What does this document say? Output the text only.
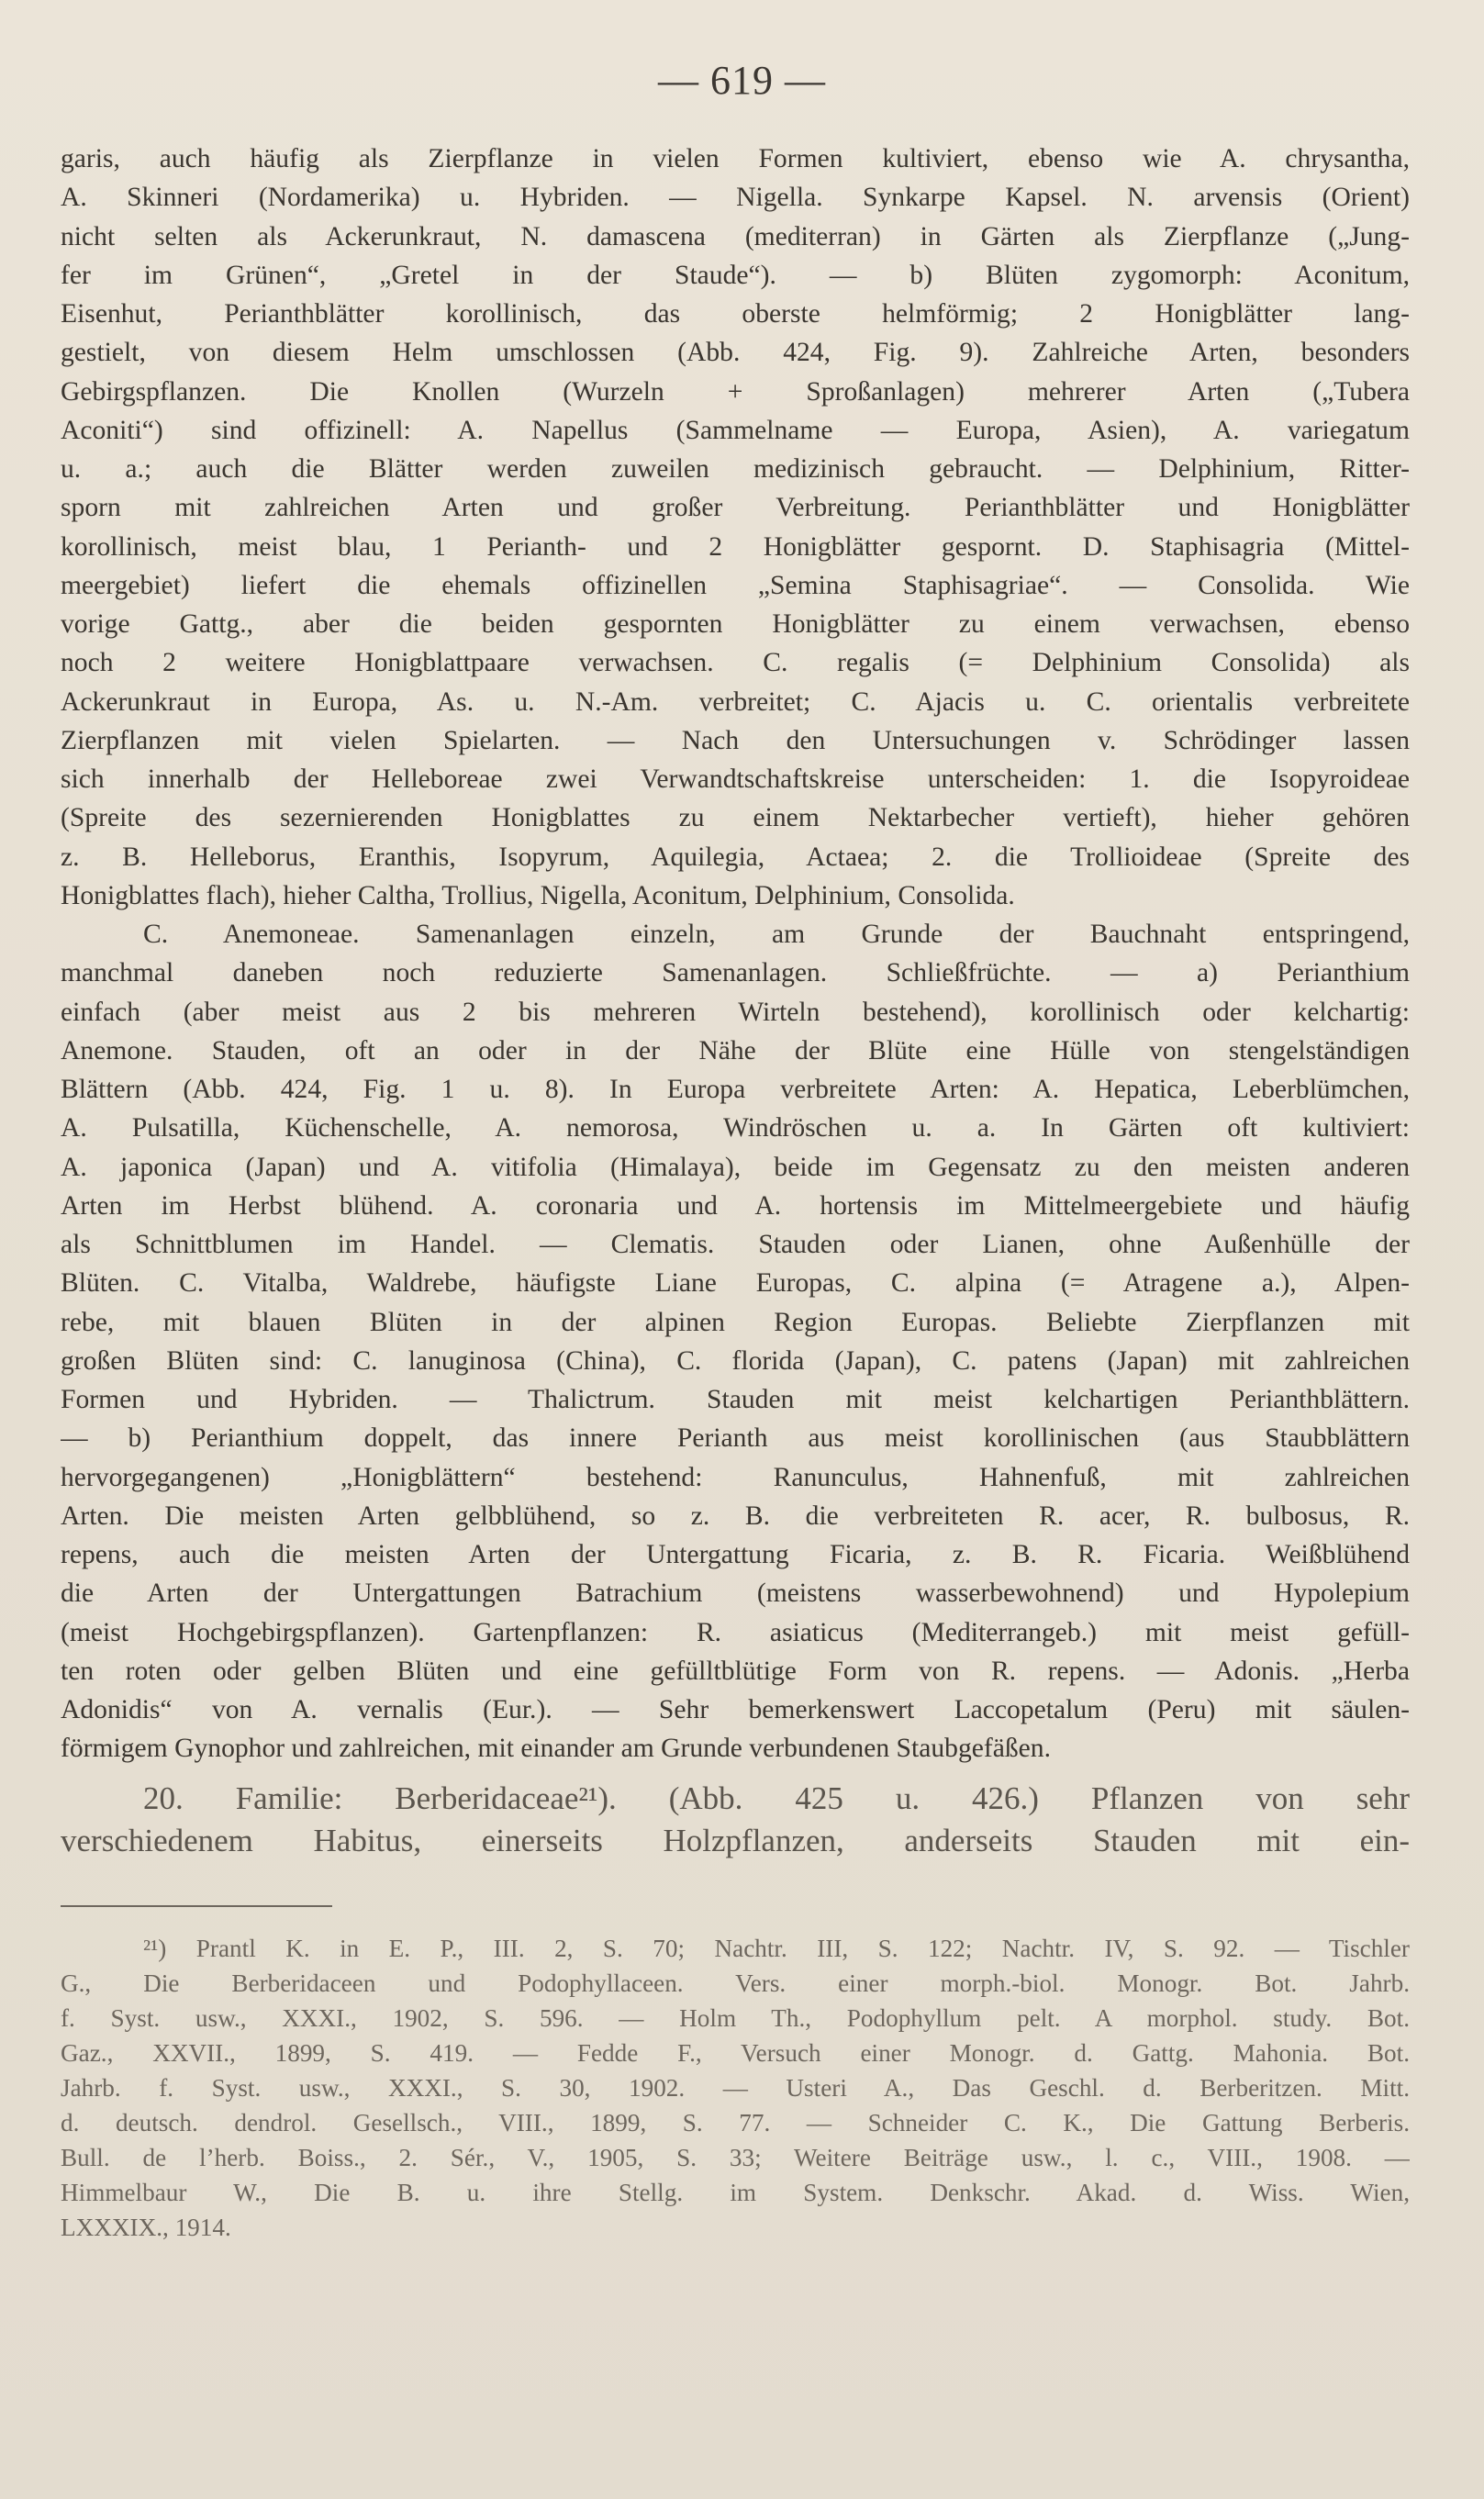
— 619 —
garis, auch häufig als Zierpflanze in vielen Formen kultiviert, ebenso wie A. chrysantha,
A. Skinneri (Nordamerika) u. Hybriden. — Nigella. Synkarpe Kapsel. N. arvensis (Orient)
nicht selten als Ackerunkraut, N. damascena (mediterran) in Gärten als Zierpflanze („Jung-
fer im Grünen“, „Gretel in der Staude“). — b) Blüten zygomorph: Aconitum,
Eisenhut, Perianthblätter korollinisch, das oberste helmförmig; 2 Honigblätter lang-
gestielt, von diesem Helm umschlossen (Abb. 424, Fig. 9). Zahlreiche Arten, besonders
Gebirgspflanzen. Die Knollen (Wurzeln + Sproßanlagen) mehrerer Arten („Tubera
Aconiti“) sind offizinell: A. Napellus (Sammelname — Europa, Asien), A. variegatum
u. a.; auch die Blätter werden zuweilen medizinisch gebraucht. — Delphinium, Ritter-
sporn mit zahlreichen Arten und großer Verbreitung. Perianthblätter und Honigblätter
korollinisch, meist blau, 1 Perianth- und 2 Honigblätter gespornt. D. Staphisagria (Mittel-
meergebiet) liefert die ehemals offizinellen „Semina Staphisagriae“. — Consolida. Wie
vorige Gattg., aber die beiden gespornten Honigblätter zu einem verwachsen, ebenso
noch 2 weitere Honigblattpaare verwachsen. C. regalis (= Delphinium Consolida) als
Ackerunkraut in Europa, As. u. N.-Am. verbreitet; C. Ajacis u. C. orientalis verbreitete
Zierpflanzen mit vielen Spielarten. — Nach den Untersuchungen v. Schrödinger lassen
sich innerhalb der Helleboreae zwei Verwandtschaftskreise unterscheiden: 1. die Isopyroideae
(Spreite des sezernierenden Honigblattes zu einem Nektarbecher vertieft), hieher gehören
z. B. Helleborus, Eranthis, Isopyrum, Aquilegia, Actaea; 2. die Trollioideae (Spreite des
Honigblattes flach), hieher Caltha, Trollius, Nigella, Aconitum, Delphinium, Consolida.
C. Anemoneae. Samenanlagen einzeln, am Grunde der Bauchnaht entspringend,
manchmal daneben noch reduzierte Samenanlagen. Schließfrüchte. — a) Perianthium
einfach (aber meist aus 2 bis mehreren Wirteln bestehend), korollinisch oder kelchartig:
Anemone. Stauden, oft an oder in der Nähe der Blüte eine Hülle von stengelständigen
Blättern (Abb. 424, Fig. 1 u. 8). In Europa verbreitete Arten: A. Hepatica, Leberblümchen,
A. Pulsatilla, Küchenschelle, A. nemorosa, Windröschen u. a. In Gärten oft kultiviert:
A. japonica (Japan) und A. vitifolia (Himalaya), beide im Gegensatz zu den meisten anderen
Arten im Herbst blühend. A. coronaria und A. hortensis im Mittelmeergebiete und häufig
als Schnittblumen im Handel. — Clematis. Stauden oder Lianen, ohne Außenhülle der
Blüten. C. Vitalba, Waldrebe, häufigste Liane Europas, C. alpina (= Atragene a.), Alpen-
rebe, mit blauen Blüten in der alpinen Region Europas. Beliebte Zierpflanzen mit
großen Blüten sind: C. lanuginosa (China), C. florida (Japan), C. patens (Japan) mit zahlreichen
Formen und Hybriden. — Thalictrum. Stauden mit meist kelchartigen Perianthblättern.
— b) Perianthium doppelt, das innere Perianth aus meist korollinischen (aus Staubblättern
hervorgegangenen) „Honigblättern“ bestehend: Ranunculus, Hahnenfuß, mit zahlreichen
Arten. Die meisten Arten gelbblühend, so z. B. die verbreiteten R. acer, R. bulbosus, R.
repens, auch die meisten Arten der Untergattung Ficaria, z. B. R. Ficaria. Weißblühend
die Arten der Untergattungen Batrachium (meistens wasserbewohnend) und Hypolepium
(meist Hochgebirgspflanzen). Gartenpflanzen: R. asiaticus (Mediterrangeb.) mit meist gefüll-
ten roten oder gelben Blüten und eine gefülltblütige Form von R. repens. — Adonis. „Herba
Adonidis“ von A. vernalis (Eur.). — Sehr bemerkenswert Laccopetalum (Peru) mit säulen-
förmigem Gynophor und zahlreichen, mit einander am Grunde verbundenen Staubgefäßen.
20. Familie: Berberidaceae²¹). (Abb. 425 u. 426.) Pflanzen von sehr
verschiedenem Habitus, einerseits Holzpflanzen, anderseits Stauden mit ein-
²¹) Prantl K. in E. P., III. 2, S. 70; Nachtr. III, S. 122; Nachtr. IV, S. 92. — Tischler
G., Die Berberidaceen und Podophyllaceen. Vers. einer morph.-biol. Monogr. Bot. Jahrb.
f. Syst. usw., XXXI., 1902, S. 596. — Holm Th., Podophyllum pelt. A morphol. study. Bot.
Gaz., XXVII., 1899, S. 419. — Fedde F., Versuch einer Monogr. d. Gattg. Mahonia. Bot.
Jahrb. f. Syst. usw., XXXI., S. 30, 1902. — Usteri A., Das Geschl. d. Berberitzen. Mitt.
d. deutsch. dendrol. Gesellsch., VIII., 1899, S. 77. — Schneider C. K., Die Gattung Berberis.
Bull. de l’herb. Boiss., 2. Sér., V., 1905, S. 33; Weitere Beiträge usw., l. c., VIII., 1908. —
Himmelbaur W., Die B. u. ihre Stellg. im System. Denkschr. Akad. d. Wiss. Wien,
LXXXIX., 1914.
